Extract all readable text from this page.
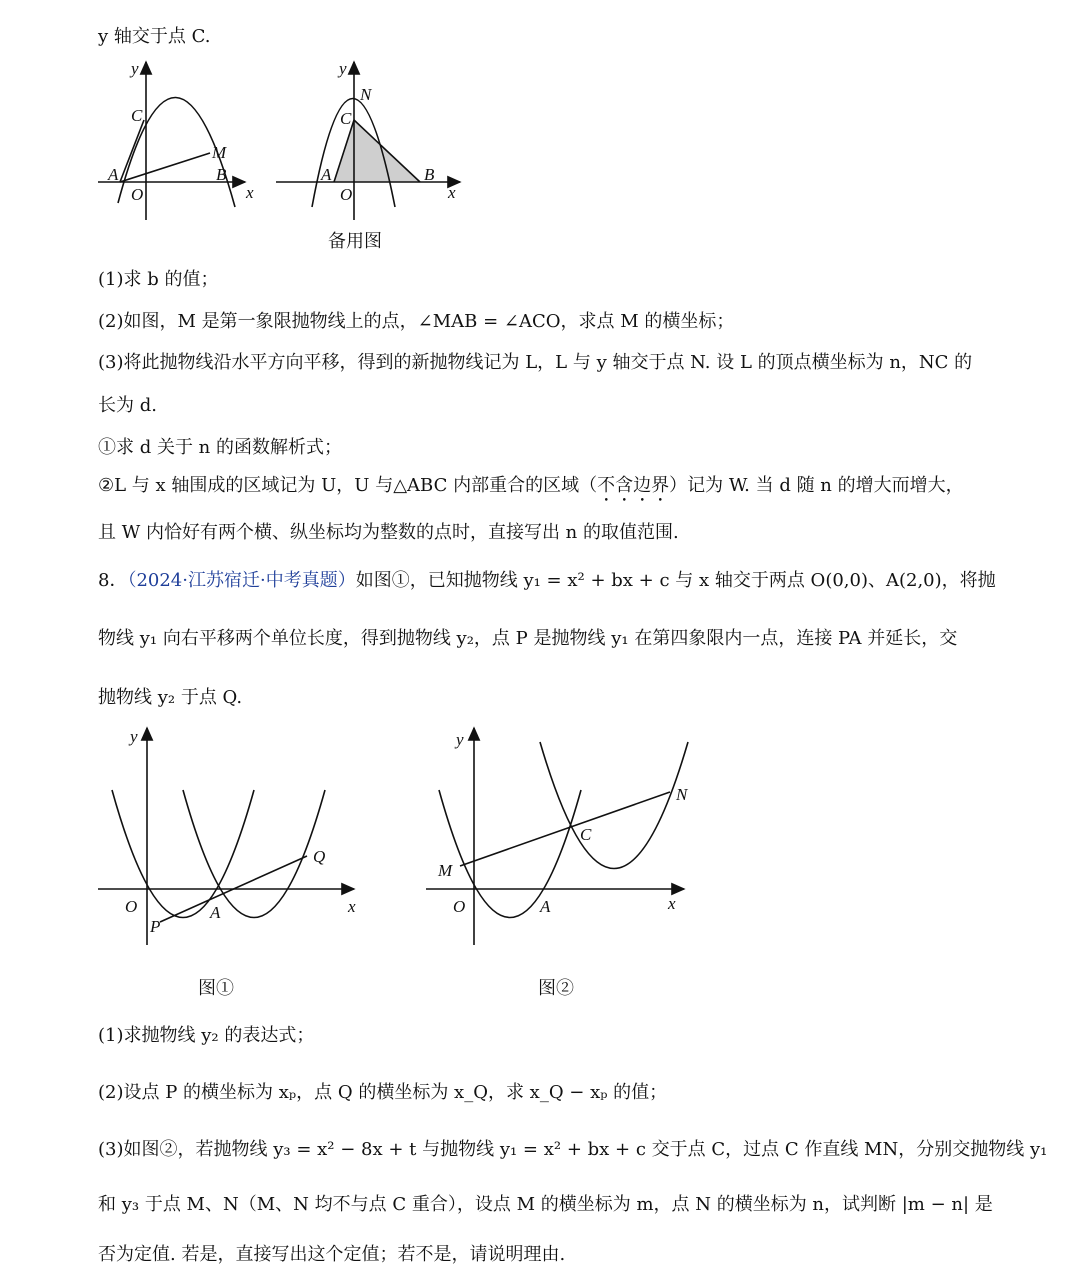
y 轴交于点 C.
y
x
C
M
A
O
B
y
N
C
A
O
B
x
备用图
(1)求 b 的值；
(2)如图，M 是第一象限抛物线上的点，∠MAB = ∠ACO，求点 M 的横坐标；
(3)将此抛物线沿水平方向平移，得到的新抛物线记为 L，L 与 y 轴交于点 N. 设 L 的顶点横坐标为 n，NC 的
长为 d.
①求 d 关于 n 的函数解析式；
②L 与 x 轴围成的区域记为 U，U 与△ABC 内部重合的区域（不含边界）记为 W. 当 d 随 n 的增大而增大，
且 W 内恰好有两个横、纵坐标均为整数的点时，直接写出 n 的取值范围.
8．（2024·江苏宿迁·中考真题）如图①，已知抛物线 y₁ = x² + bx + c 与 x 轴交于两点 O(0,0)、A(2,0)，将抛
物线 y₁ 向右平移两个单位长度，得到抛物线 y₂，点 P 是抛物线 y₁ 在第四象限内一点，连接 PA 并延长，交
抛物线 y₂ 于点 Q.
y
Q
O	A
P
x
y
N
C
M
O	A	x
图①	图②
(1)求抛物线 y₂ 的表达式；
(2)设点 P 的横坐标为 xₚ，点 Q 的横坐标为 x_Q，求 x_Q − xₚ 的值；
(3)如图②，若抛物线 y₃ = x² − 8x + t 与抛物线 y₁ = x² + bx + c 交于点 C，过点 C 作直线 MN，分别交抛物线 y₁
和 y₃ 于点 M、N（M、N 均不与点 C 重合），设点 M 的横坐标为 m，点 N 的横坐标为 n，试判断 |m − n| 是
否为定值. 若是，直接写出这个定值；若不是，请说明理由.
